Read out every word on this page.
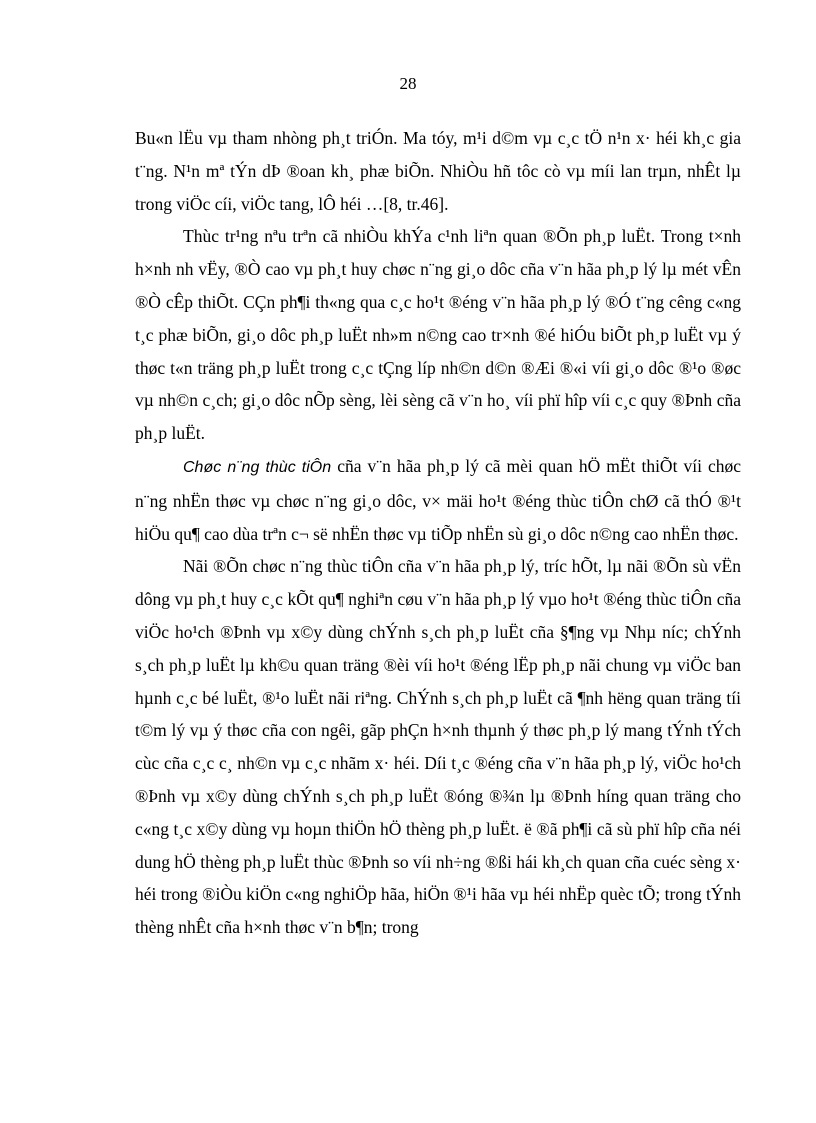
28

Bu«n lËu vµ tham nhòng ph¸t triÓn. Ma tóy, m¹i d©m vµ c¸c tÖ n¹n x· héi kh¸c gia t¨ng. N¹n mª tÝn dÞ ®oan kh¸ phæ biÕn. NhiÒu hñ tôc cò vµ míi lan trµn, nhÊt lµ trong viÖc cíi, viÖc tang, lÔ héi …[8, tr.46].

Thùc tr¹ng nªu trªn cã nhiÒu khÝa c¹nh liªn quan ®Õn ph¸p luËt. Trong t×nh h×nh nh vËy, ®Ò cao vµ ph¸t huy chøc n¨ng gi¸o dôc cña v¨n hãa ph¸p lý lµ mét vÊn ®Ò cÊp thiÕt. CÇn ph¶i th«ng qua c¸c ho¹t ®éng v¨n hãa ph¸p lý ®Ó t¨ng cêng c«ng t¸c phæ biÕn, gi¸o dôc ph¸p luËt nh»m n©ng cao tr×nh ®é hiÓu biÕt ph¸p luËt vµ ý thøc t«n träng ph¸p luËt trong c¸c tÇng líp nh©n d©n ®Æi ®«i víi gi¸o dôc ®¹o ®øc vµ nh©n c¸ch; gi¸o dôc nÕp sèng, lèi sèng cã v¨n ho¸ víi phï hîp víi c¸c quy ®Þnh cña ph¸p luËt.

Chøc n¨ng thùc tiÔn cña v¨n hãa ph¸p lý cã mèi quan hÖ mËt thiÕt víi chøc n¨ng nhËn thøc vµ chøc n¨ng gi¸o dôc, v× mäi ho¹t ®éng thùc tiÔn chØ cã thÓ ®¹t hiÖu qu¶ cao dùa trªn c¬ së nhËn thøc vµ tiÕp nhËn sù gi¸o dôc n©ng cao nhËn thøc.

Nãi ®Õn chøc n¨ng thùc tiÔn cña v¨n hãa ph¸p lý, tríc hÕt, lµ nãi ®Õn sù vËn dông vµ ph¸t huy c¸c kÕt qu¶ nghiªn cøu v¨n hãa ph¸p lý vµo ho¹t ®éng thùc tiÔn cña viÖc ho¹ch ®Þnh vµ x©y dùng chÝnh s¸ch ph¸p luËt cña §¶ng vµ Nhµ níc; chÝnh s¸ch ph¸p luËt lµ kh©u quan träng ®èi víi ho¹t ®éng lËp ph¸p nãi chung vµ viÖc ban hµnh c¸c bé luËt, ®¹o luËt nãi riªng. ChÝnh s¸ch ph¸p luËt cã ¶nh hëng quan träng tíi t©m lý vµ ý thøc cña con ngêi, gãp phÇn h×nh thµnh ý thøc ph¸p lý mang tÝnh tÝch cùc cña c¸c c¸ nh©n vµ c¸c nhãm x· héi. Díi t¸c ®éng cña v¨n hãa ph¸p lý, viÖc ho¹ch ®Þnh vµ x©y dùng chÝnh s¸ch ph¸p luËt ®óng ®¾n lµ ®Þnh híng quan träng cho c«ng t¸c x©y dùng vµ hoµn thiÖn hÖ thèng ph¸p luËt. ë ®ã ph¶i cã sù phï hîp cña néi dung hÖ thèng ph¸p luËt thùc ®Þnh so víi nh÷ng ®ßi hái kh¸ch quan cña cuéc sèng x· héi trong ®iÒu kiÖn c«ng nghiÖp hãa, hiÖn ®¹i hãa vµ héi nhËp quèc tÕ; trong tÝnh thèng nhÊt cña h×nh thøc v¨n b¶n; trong
